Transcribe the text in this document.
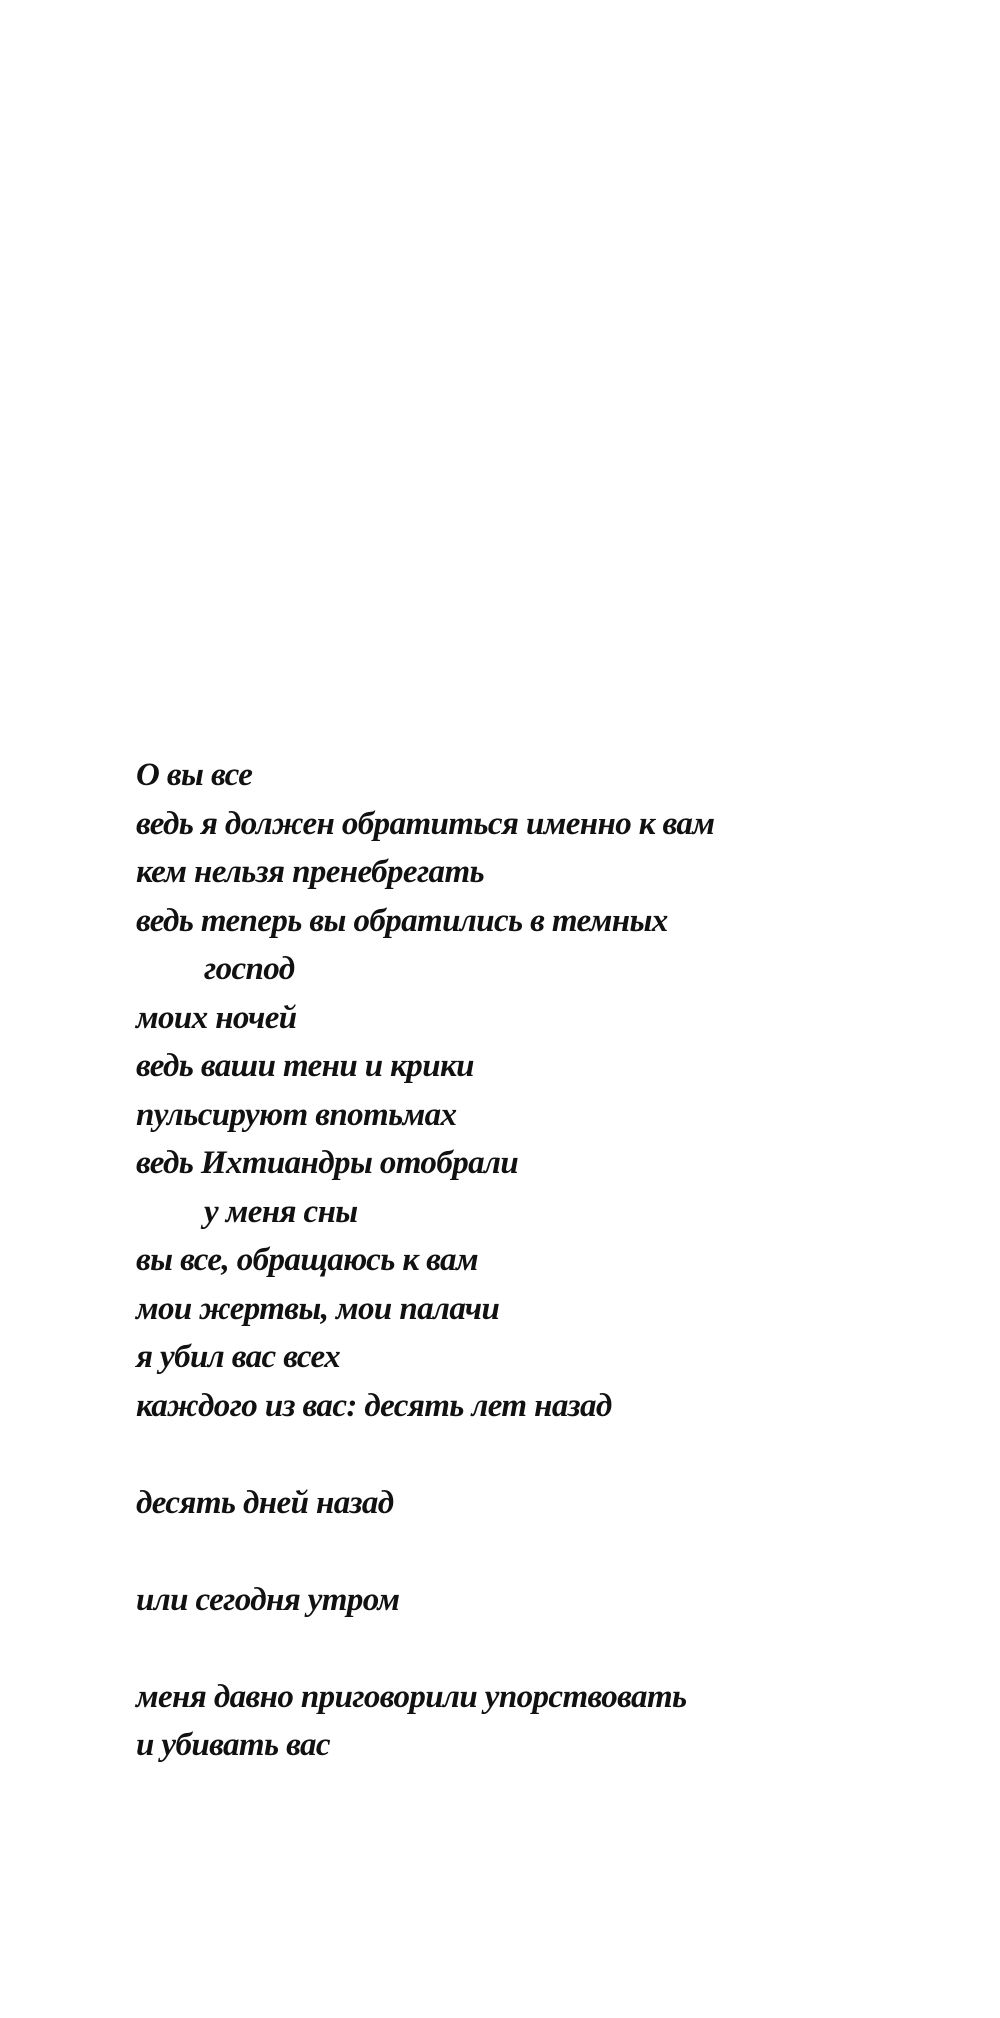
О вы все
ведь я должен обратиться именно к вам
кем нельзя пренебрегать
ведь теперь вы обратились в темных
господ
моих ночей
ведь ваши тени и крики
пульсируют впотьмах
ведь Ихтиандры отобрали
у меня сны
вы все, обращаюсь к вам
мои жертвы, мои палачи
я убил вас всех
каждого из вас: десять лет назад
десять дней назад
или сегодня утром
меня давно приговорили упорствовать
и убивать вас
